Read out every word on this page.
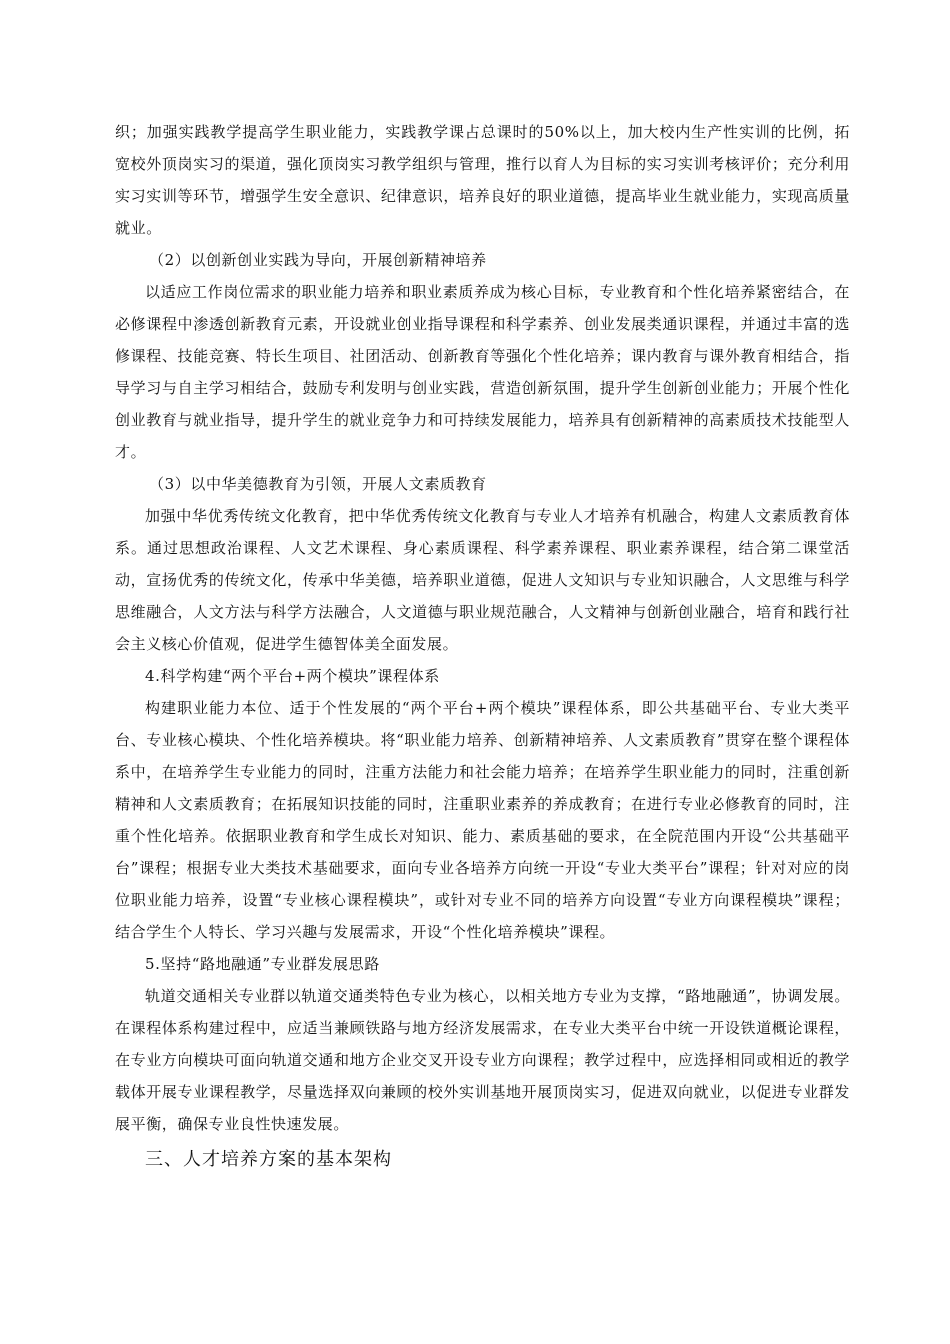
织；加强实践教学提高学生职业能力，实践教学课占总课时的50%以上，加大校内生产性实训的比例，拓宽校外顶岗实习的渠道，强化顶岗实习教学组织与管理，推行以育人为目标的实习实训考核评价；充分利用实习实训等环节，增强学生安全意识、纪律意识，培养良好的职业道德，提高毕业生就业能力，实现高质量就业。

（2）以创新创业实践为导向，开展创新精神培养

以适应工作岗位需求的职业能力培养和职业素质养成为核心目标，专业教育和个性化培养紧密结合，在必修课程中渗透创新教育元素，开设就业创业指导课程和科学素养、创业发展类通识课程，并通过丰富的选修课程、技能竞赛、特长生项目、社团活动、创新教育等强化个性化培养；课内教育与课外教育相结合，指导学习与自主学习相结合，鼓励专利发明与创业实践，营造创新氛围，提升学生创新创业能力；开展个性化创业教育与就业指导，提升学生的就业竞争力和可持续发展能力，培养具有创新精神的高素质技术技能型人才。

（3）以中华美德教育为引领，开展人文素质教育

加强中华优秀传统文化教育，把中华优秀传统文化教育与专业人才培养有机融合，构建人文素质教育体系。通过思想政治课程、人文艺术课程、身心素质课程、科学素养课程、职业素养课程，结合第二课堂活动，宣扬优秀的传统文化，传承中华美德，培养职业道德，促进人文知识与专业知识融合，人文思维与科学思维融合，人文方法与科学方法融合，人文道德与职业规范融合，人文精神与创新创业融合，培育和践行社会主义核心价值观，促进学生德智体美全面发展。

4.科学构建“两个平台+两个模块”课程体系

构建职业能力本位、适于个性发展的“两个平台+两个模块”课程体系，即公共基础平台、专业大类平台、专业核心模块、个性化培养模块。将“职业能力培养、创新精神培养、人文素质教育”贯穿在整个课程体系中，在培养学生专业能力的同时，注重方法能力和社会能力培养；在培养学生职业能力的同时，注重创新精神和人文素质教育；在拓展知识技能的同时，注重职业素养的养成教育；在进行专业必修教育的同时，注重个性化培养。依据职业教育和学生成长对知识、能力、素质基础的要求，在全院范围内开设“公共基础平台”课程；根据专业大类技术基础要求，面向专业各培养方向统一开设“专业大类平台”课程；针对对应的岗位职业能力培养，设置“专业核心课程模块”，或针对专业不同的培养方向设置“专业方向课程模块”课程；结合学生个人特长、学习兴趣与发展需求，开设“个性化培养模块”课程。

5.坚持“路地融通”专业群发展思路

轨道交通相关专业群以轨道交通类特色专业为核心，以相关地方专业为支撑，“路地融通”，协调发展。在课程体系构建过程中，应适当兼顾铁路与地方经济发展需求，在专业大类平台中统一开设铁道概论课程，在专业方向模块可面向轨道交通和地方企业交叉开设专业方向课程；教学过程中，应选择相同或相近的教学载体开展专业课程教学，尽量选择双向兼顾的校外实训基地开展顶岗实习，促进双向就业，以促进专业群发展平衡，确保专业良性快速发展。

三、人才培养方案的基本架构
